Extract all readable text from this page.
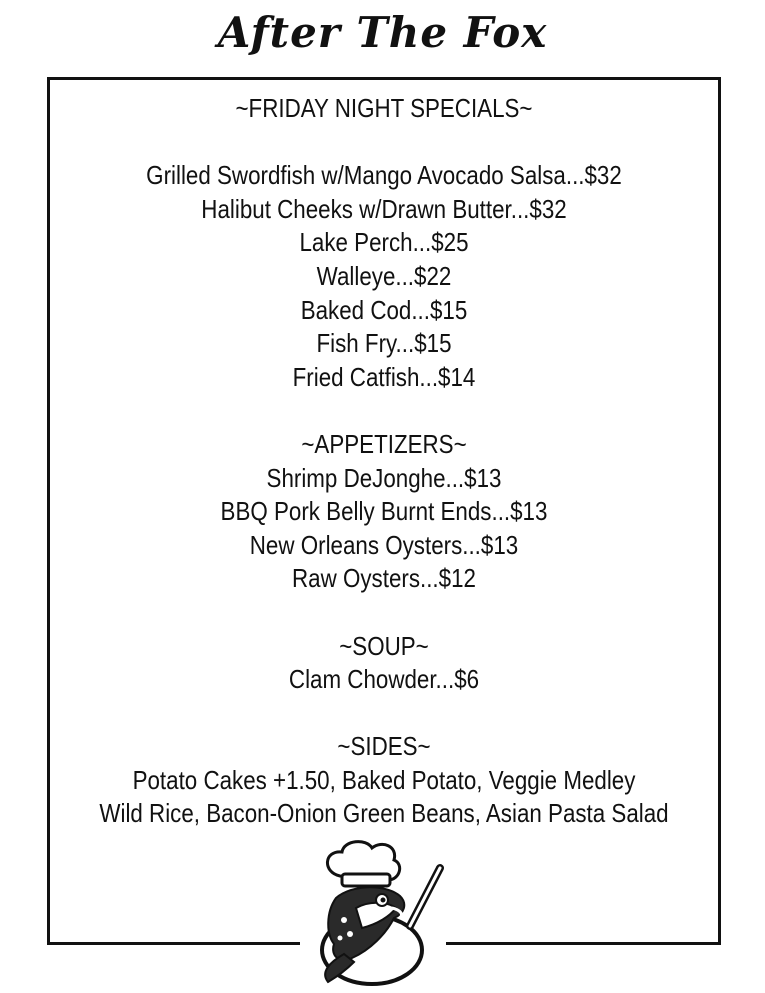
After The Fox
~FRIDAY NIGHT SPECIALS~
Grilled Swordfish w/Mango Avocado Salsa...$32
Halibut Cheeks w/Drawn Butter...$32
Lake Perch...$25
Walleye...$22
Baked Cod...$15
Fish Fry...$15
Fried Catfish...$14
~APPETIZERS~
Shrimp DeJonghe...$13
BBQ Pork Belly Burnt Ends...$13
New Orleans Oysters...$13
Raw Oysters...$12
~SOUP~
Clam Chowder...$6
~SIDES~
Potato Cakes +1.50, Baked Potato, Veggie Medley
Wild Rice, Bacon-Onion Green Beans, Asian Pasta Salad
